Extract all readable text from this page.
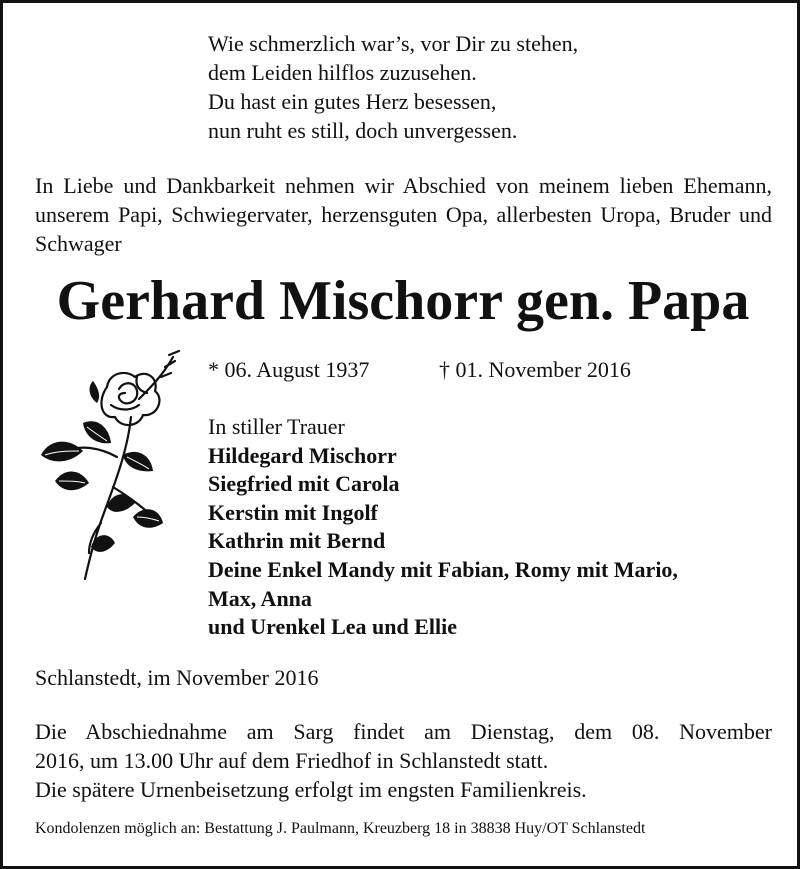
Wie schmerzlich war’s, vor Dir zu stehen,
dem Leiden hilflos zuzusehen.
Du hast ein gutes Herz besessen,
nun ruht es still, doch unvergessen.
In Liebe und Dankbarkeit nehmen wir Abschied von meinem lieben Ehemann, unserem Papi, Schwiegervater, herzensguten Opa, allerbesten Uropa, Bruder und Schwager
Gerhard Mischorr gen. Papa
* 06. August 1937	† 01. November 2016
In stiller Trauer
Hildegard Mischorr
Siegfried mit Carola
Kerstin mit Ingolf
Kathrin mit Bernd
Deine Enkel Mandy mit Fabian, Romy mit Mario,
Max, Anna
und Urenkel Lea und Ellie
Schlanstedt, im November 2016
Die Abschiednahme am Sarg findet am Dienstag, dem 08. November
2016, um 13.00 Uhr auf dem Friedhof in Schlanstedt statt.
Die spätere Urnenbeisetzung erfolgt im engsten Familienkreis.
Kondolenzen möglich an: Bestattung J. Paulmann, Kreuzberg 18 in 38838 Huy/OT Schlanstedt
